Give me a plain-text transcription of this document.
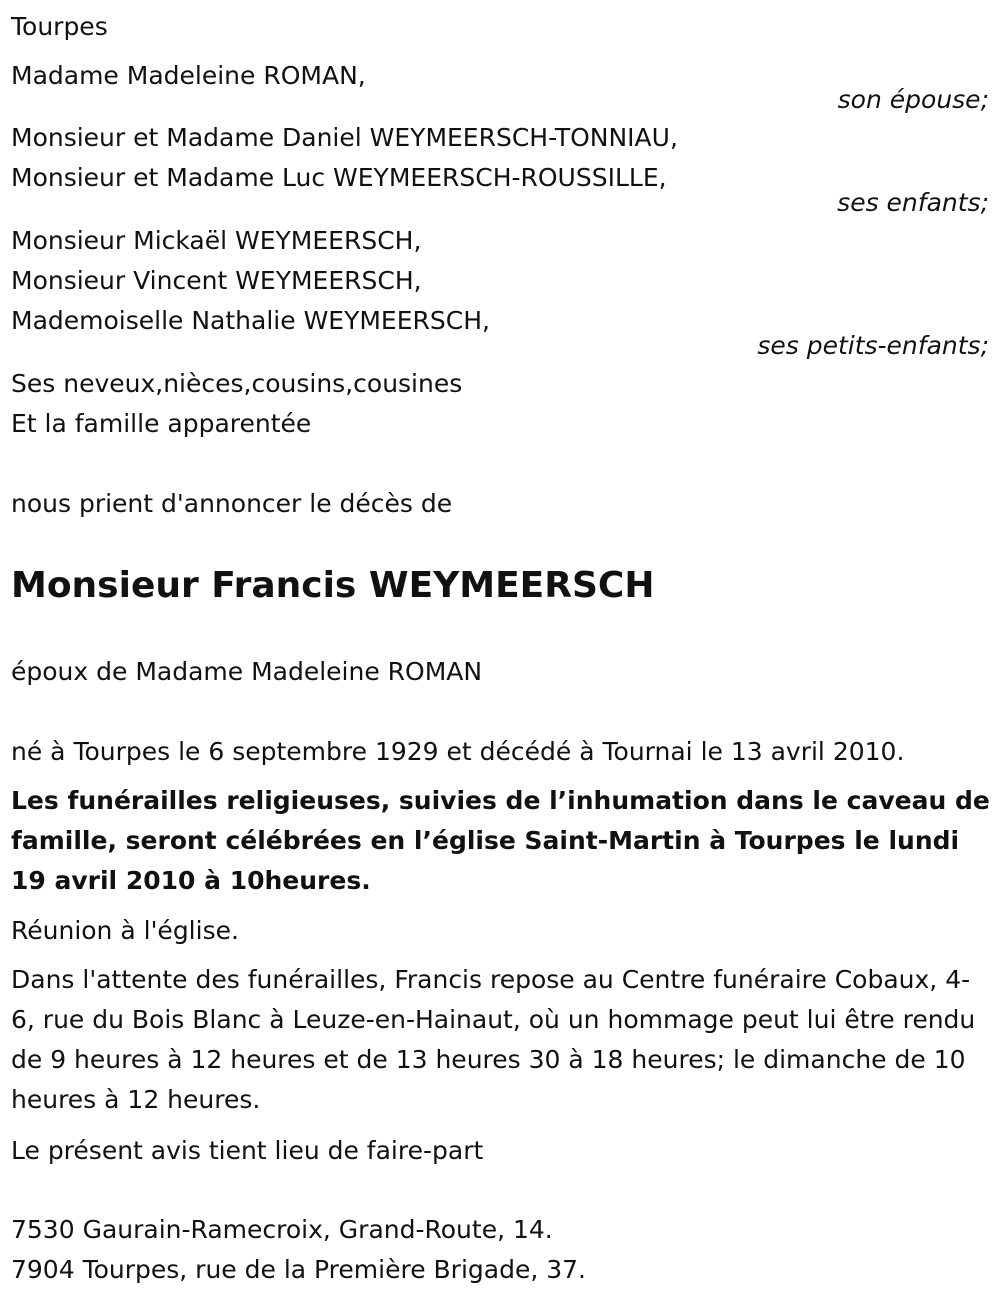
Tourpes
Madame Madeleine ROMAN,
son épouse;
Monsieur et Madame Daniel WEYMEERSCH-TONNIAU,
Monsieur et Madame Luc WEYMEERSCH-ROUSSILLE,
ses enfants;
Monsieur Mickaël WEYMEERSCH,
Monsieur Vincent WEYMEERSCH,
Mademoiselle Nathalie WEYMEERSCH,
ses petits-enfants;
Ses neveux,nièces,cousins,cousines
Et la famille apparentée
nous prient d'annoncer le décès de
Monsieur Francis WEYMEERSCH
époux de Madame Madeleine ROMAN
né à Tourpes le 6 septembre 1929 et décédé à Tournai le 13 avril 2010.
Les funérailles religieuses, suivies de l’inhumation dans le caveau de famille, seront célébrées en l’église Saint-Martin à Tourpes le lundi 19 avril 2010 à 10heures.
Réunion à l'église.
Dans l'attente des funérailles, Francis repose au Centre funéraire Cobaux, 4-6, rue du Bois Blanc à Leuze-en-Hainaut, où un hommage peut lui être rendu de 9 heures à 12 heures et de 13 heures 30 à 18 heures; le dimanche de 10 heures à 12 heures.
Le présent avis tient lieu de faire-part
7530 Gaurain-Ramecroix, Grand-Route, 14.
7904 Tourpes, rue de la Première Brigade, 37.
